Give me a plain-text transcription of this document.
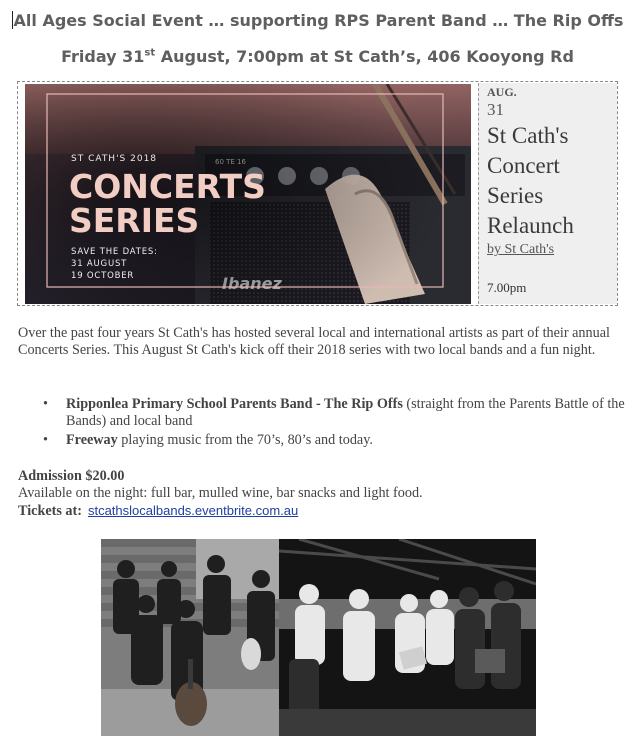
All Ages Social Event … supporting RPS Parent Band … The Rip Offs
Friday 31st August, 7:00pm at St Cath’s, 406 Kooyong Rd
ST CATH'S 2018
CONCERTS
SERIES
SAVE THE DATES:
31 AUGUST
19 OCTOBER
AUG.
31
St Cath's
Concert
Series
Relaunch
by St Cath's
7.00pm
Over the past four years St Cath's has hosted several local and international artists as part of their annual Concerts Series. This August St Cath's kick off their 2018 series with two local bands and a fun night.
• Ripponlea Primary School Parents Band - The Rip Offs (straight from the Parents Battle of the Bands) and local band
• Freeway playing music from the 70’s, 80’s and today.
Admission $20.00
Available on the night: full bar, mulled wine, bar snacks and light food.
Tickets at: stcathslocalbands.eventbrite.com.au
